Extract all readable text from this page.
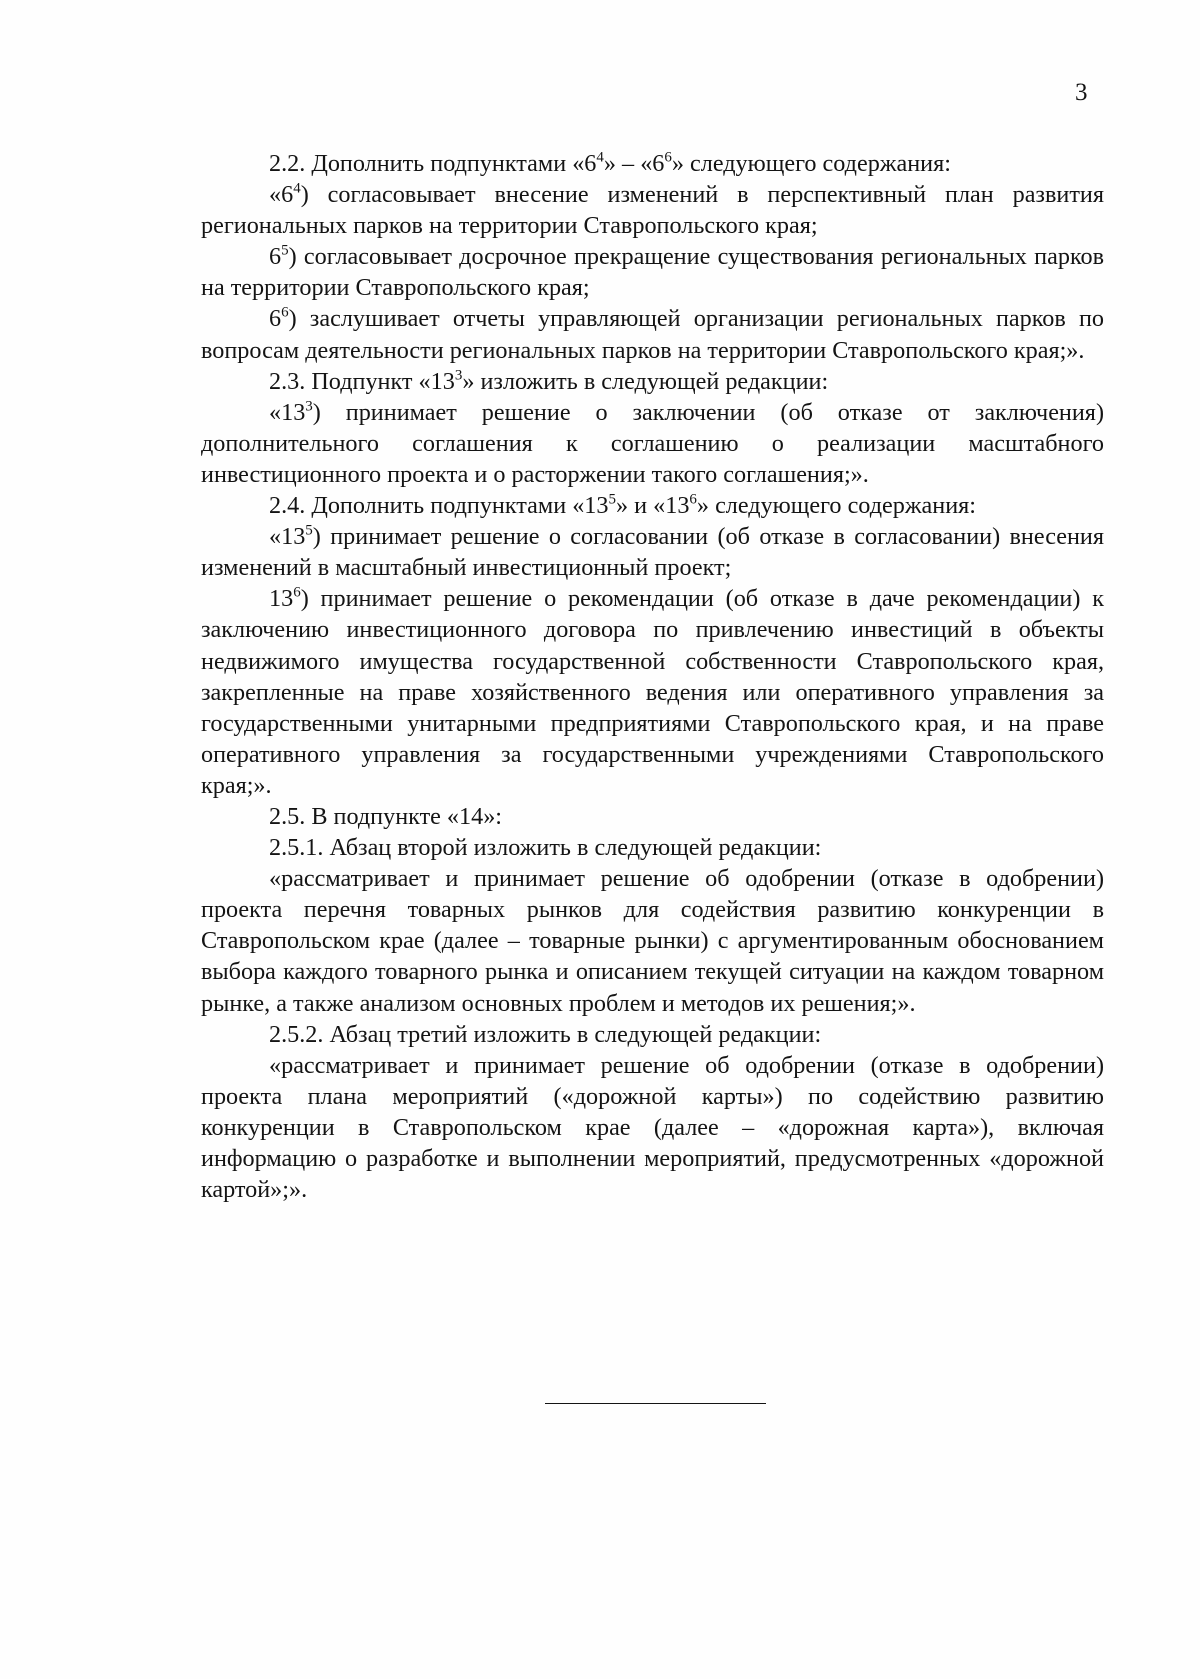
3

2.2. Дополнить подпунктами «$6^4$» – «$6^6$» следующего содержания:

«$6^4$) согласовывает внесение изменений в перспективный план развития региональных парков на территории Ставропольского края;

$6^5$) согласовывает досрочное прекращение существования региональных парков на территории Ставропольского края;

$6^6$) заслушивает отчеты управляющей организации региональных парков по вопросам деятельности региональных парков на территории Ставропольского края;».

2.3. Подпункт «$13^3$» изложить в следующей редакции:

«$13^3$) принимает решение о заключении (об отказе от заключения) дополнительного соглашения к соглашению о реализации масштабного инвестиционного проекта и о расторжении такого соглашения;».

2.4. Дополнить подпунктами «$13^5$» и «$13^6$» следующего содержания:

«$13^5$) принимает решение о согласовании (об отказе в согласовании) внесения изменений в масштабный инвестиционный проект;

$13^6$) принимает решение о рекомендации (об отказе в даче рекомендации) к заключению инвестиционного договора по привлечению инвестиций в объекты недвижимого имущества государственной собственности Ставропольского края, закрепленные на праве хозяйственного ведения или оперативного управления за государственными унитарными предприятиями Ставропольского края, и на праве оперативного управления за государственными учреждениями Ставропольского края;».

2.5. В подпункте «14»:

2.5.1. Абзац второй изложить в следующей редакции:

«рассматривает и принимает решение об одобрении (отказе в одобрении) проекта перечня товарных рынков для содействия развитию конкуренции в Ставропольском крае (далее – товарные рынки) с аргументированным обоснованием выбора каждого товарного рынка и описанием текущей ситуации на каждом товарном рынке, а также анализом основных проблем и методов их решения;».

2.5.2. Абзац третий изложить в следующей редакции:

«рассматривает и принимает решение об одобрении (отказе в одобрении) проекта плана мероприятий («дорожной карты») по содействию развитию конкуренции в Ставропольском крае (далее – «дорожная карта»), включая информацию о разработке и выполнении мероприятий, предусмотренных «дорожной картой»;».
